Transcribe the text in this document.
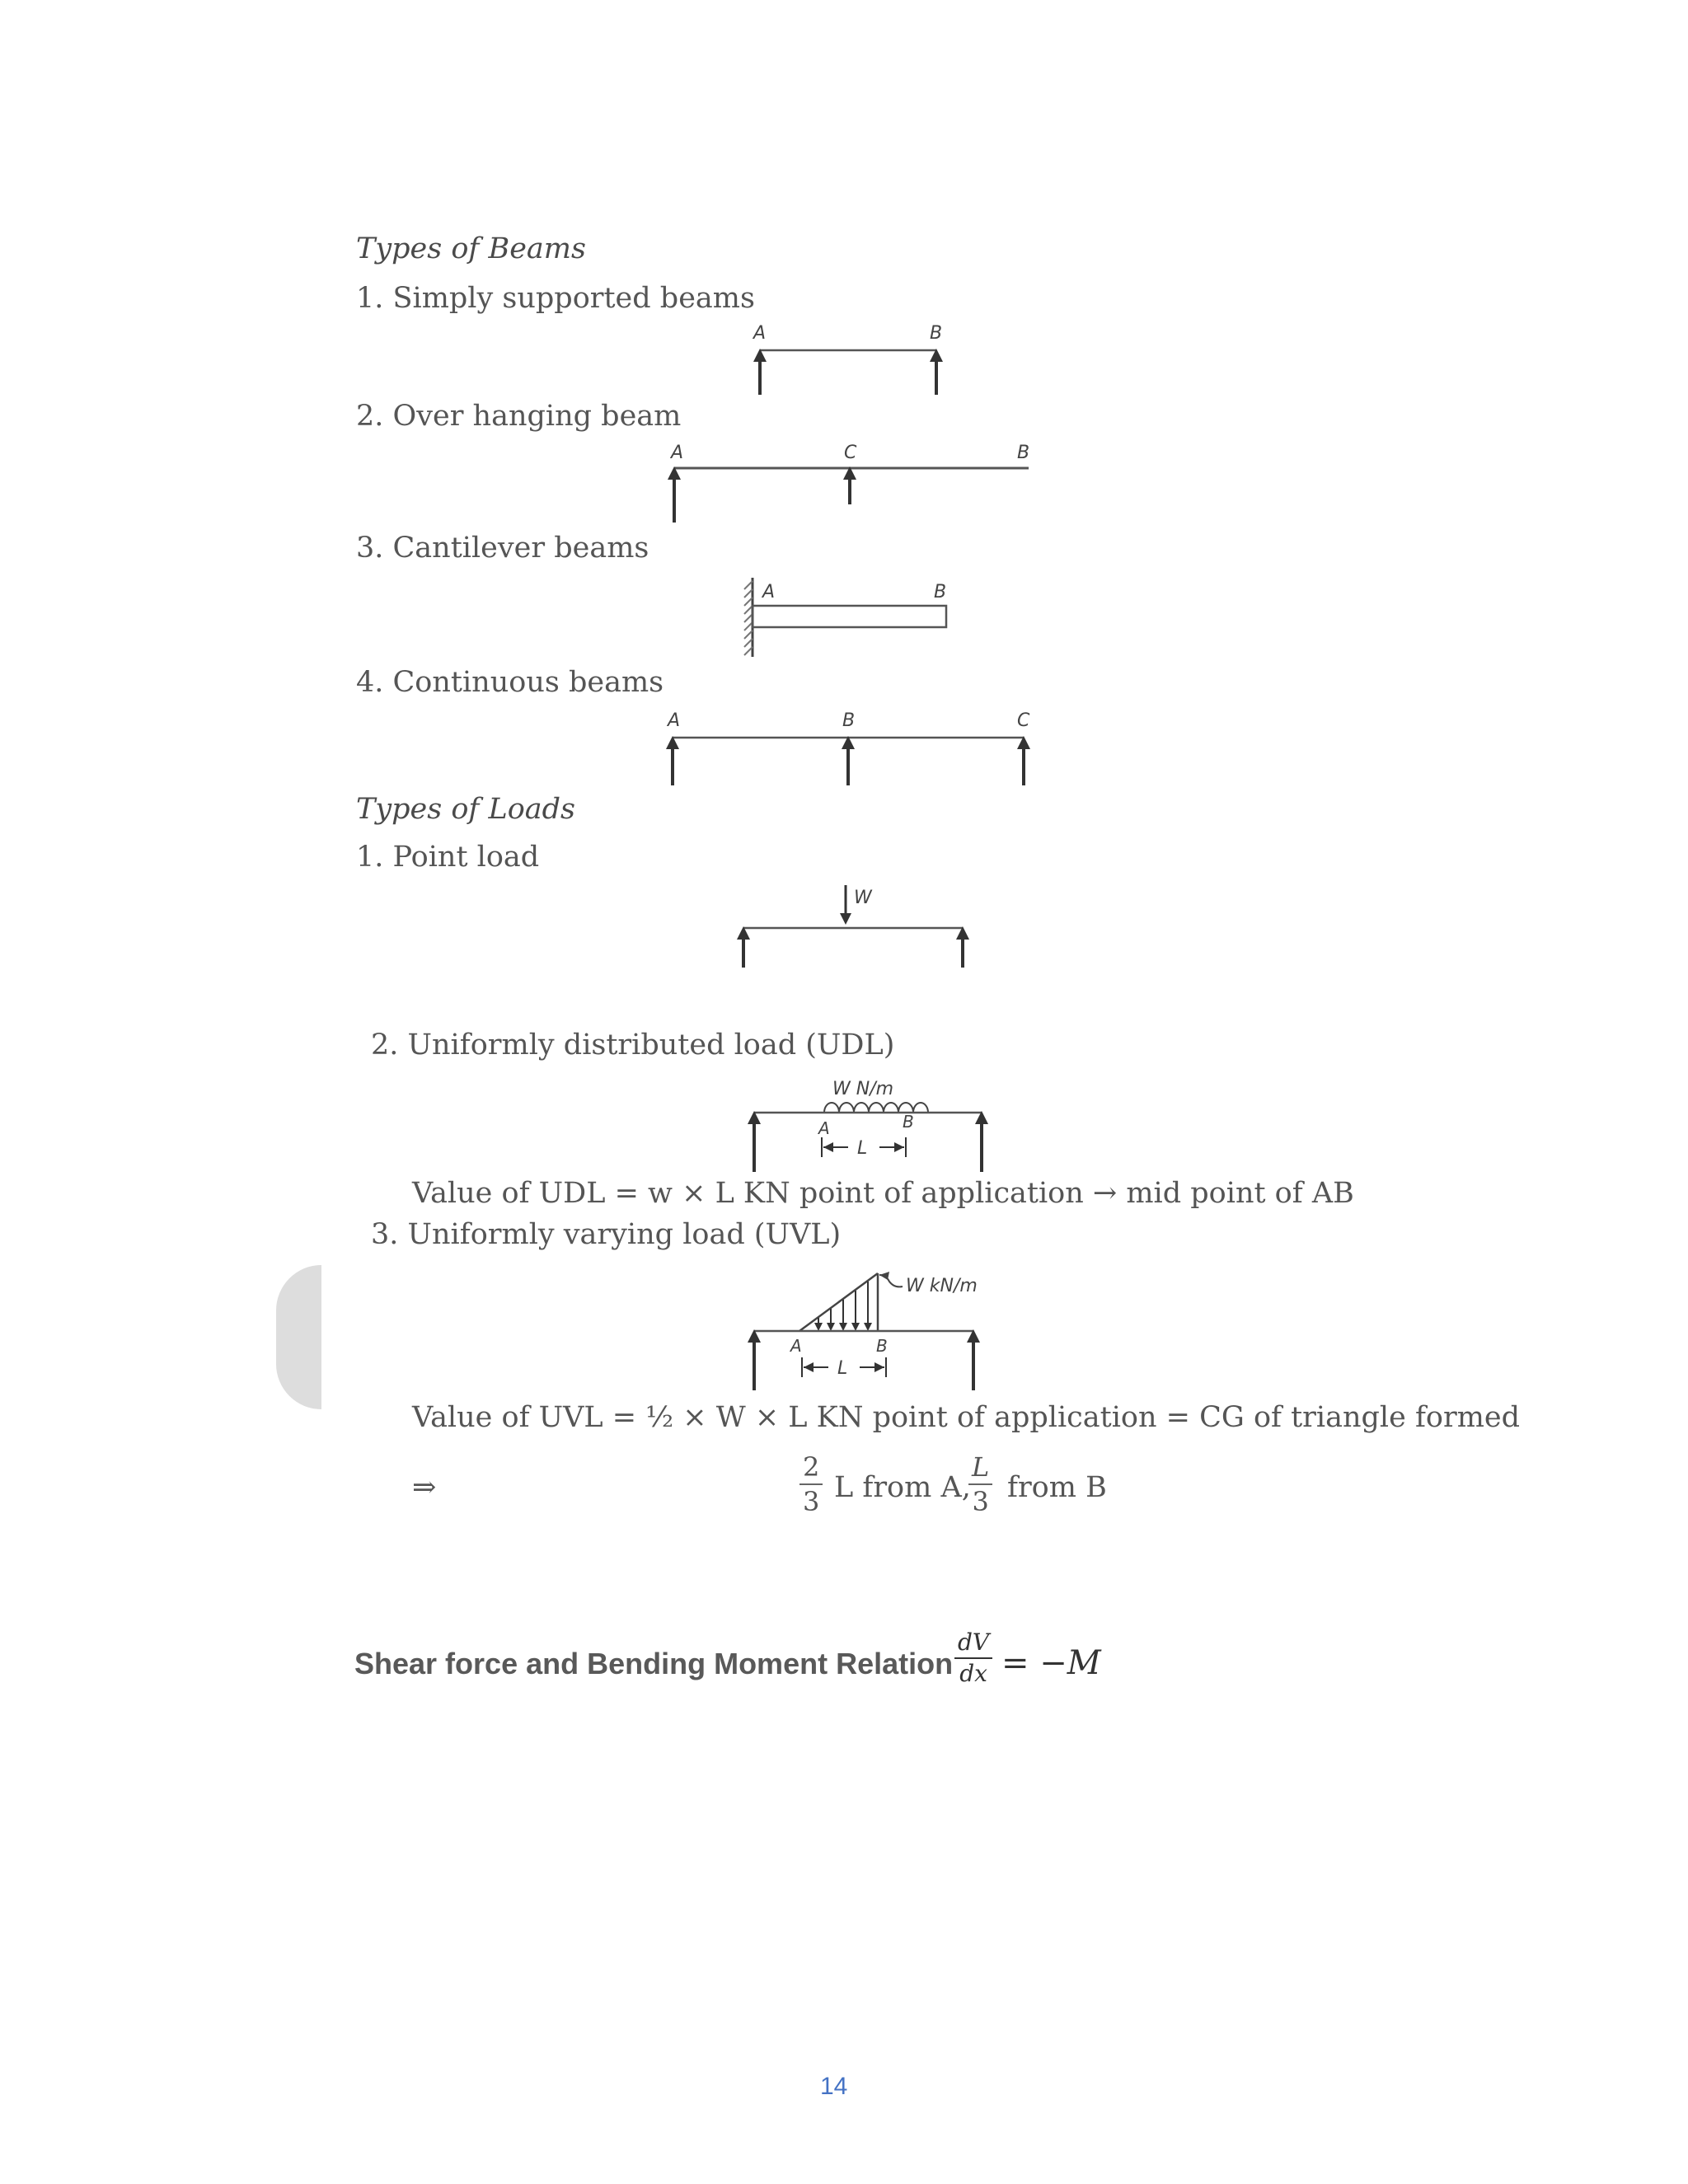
Types of Beams
1. Simply supported beams
A	B
2. Over hanging beam
A	C	B
3. Cantilever beams
A	B
4. Continuous beams
A	B	C
Types of Loads
1. Point load
W
2. Uniformly distributed load (UDL)
W N/m
A	B
L
Value of UDL = w × L KN point of application → mid point of AB
3. Uniformly varying load (UVL)
W kN/m
A	B
L
Value of UVL = ½ × W × L KN point of application = CG of triangle formed
⇒	$\frac{2}{3}$ L from A,
$\frac{L}{3}$ from B
Shear force and Bending Moment Relation $\frac{dV}{dx} = -M$
14
